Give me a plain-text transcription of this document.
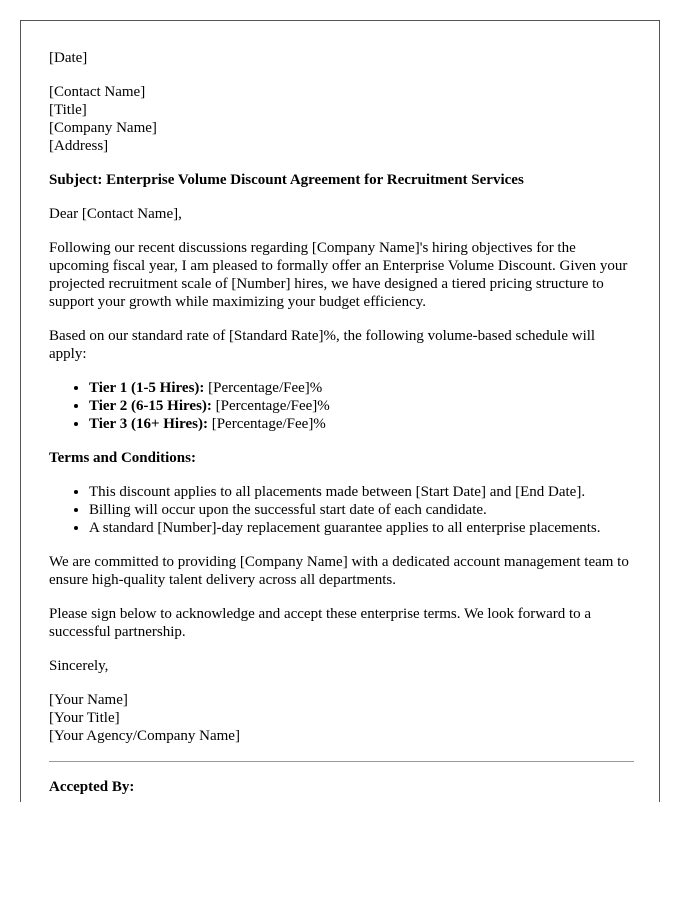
[Date]

[Contact Name]

[Title]

[Company Name]

[Address]

Subject: Enterprise Volume Discount Agreement for Recruitment Services

Dear [Contact Name],

Following our recent discussions regarding [Company Name]'s hiring objectives for the upcoming fiscal year, I am pleased to formally offer an Enterprise Volume Discount. Given your projected recruitment scale of [Number] hires, we have designed a tiered pricing structure to support your growth while maximizing your budget efficiency.

Based on our standard rate of [Standard Rate]%, the following volume-based schedule will apply:

• Tier 1 (1-5 Hires): [Percentage/Fee]%
• Tier 2 (6-15 Hires): [Percentage/Fee]%
• Tier 3 (16+ Hires): [Percentage/Fee]%

Terms and Conditions:

• This discount applies to all placements made between [Start Date] and [End Date].
• Billing will occur upon the successful start date of each candidate.
• A standard [Number]-day replacement guarantee applies to all enterprise placements.

We are committed to providing [Company Name] with a dedicated account management team to ensure high-quality talent delivery across all departments.

Please sign below to acknowledge and accept these enterprise terms. We look forward to a successful partnership.

Sincerely,

[Your Name]

[Your Title]

[Your Agency/Company Name]

Accepted By:
